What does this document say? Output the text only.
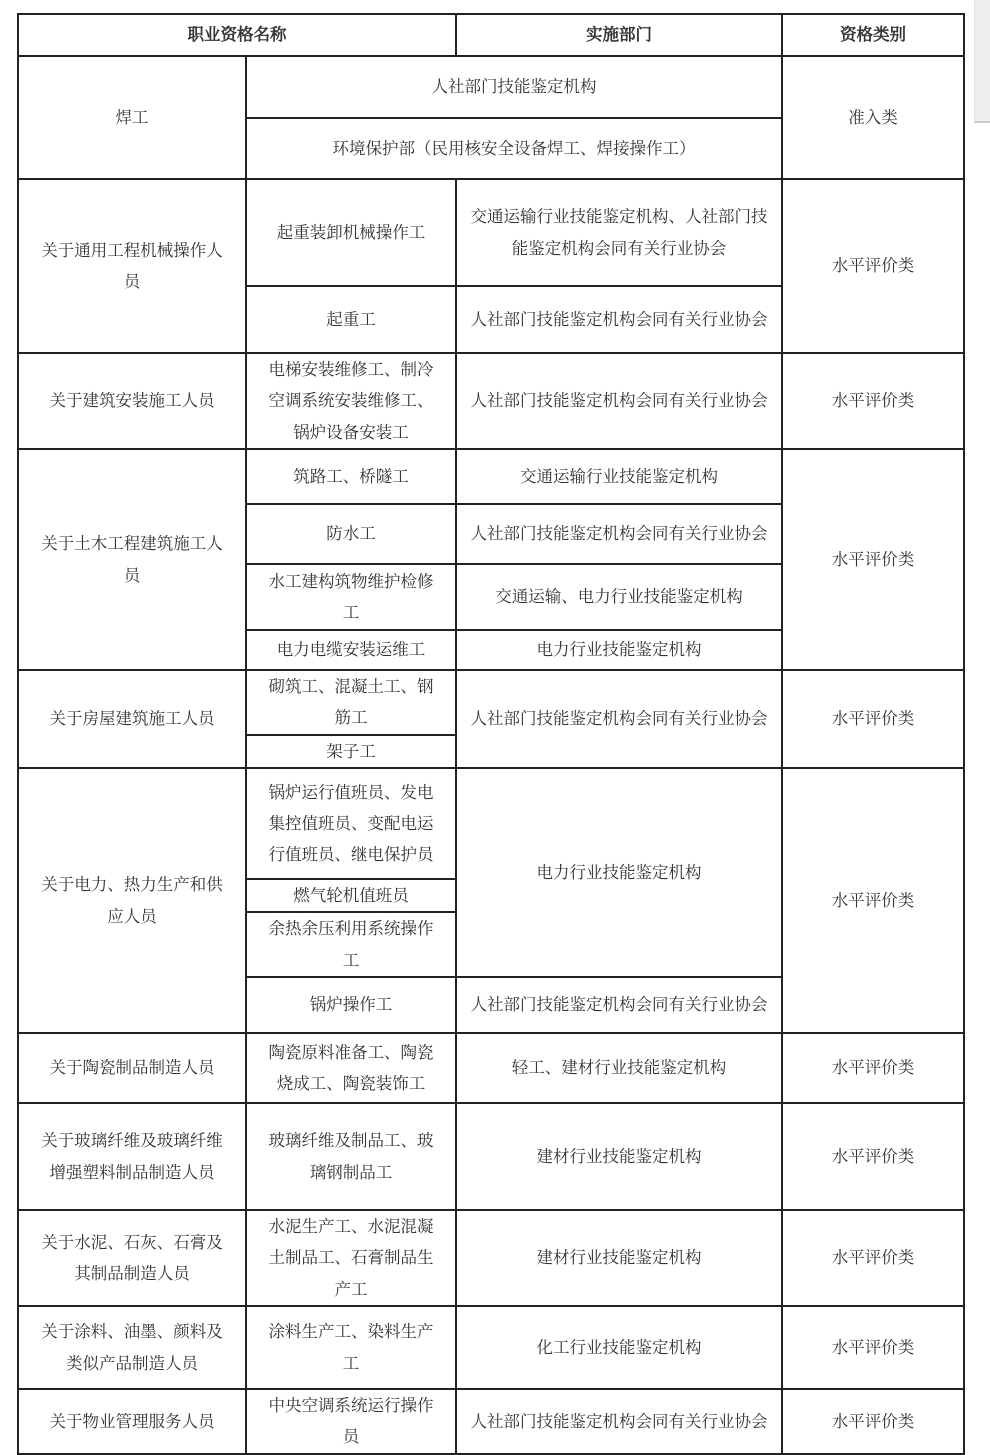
职业资格名称		实施部门	资格类别
焊工	人社部门技能鉴定机构		准入类
	环境保护部（民用核安全设备焊工、焊接操作工）		
关于通用工程机械操作人员	起重装卸机械操作工	交通运输行业技能鉴定机构、人社部门技能鉴定机构会同有关行业协会	水平评价类
	起重工	人社部门技能鉴定机构会同有关行业协会	
关于建筑安装施工人员	电梯安装维修工、制冷空调系统安装维修工、锅炉设备安装工	人社部门技能鉴定机构会同有关行业协会	水平评价类
关于土木工程建筑施工人员	筑路工、桥隧工	交通运输行业技能鉴定机构	水平评价类
	防水工	人社部门技能鉴定机构会同有关行业协会	
	水工建构筑物维护检修工	交通运输、电力行业技能鉴定机构	
	电力电缆安装运维工	电力行业技能鉴定机构	
关于房屋建筑施工人员	砌筑工、混凝土工、钢筋工	人社部门技能鉴定机构会同有关行业协会	水平评价类
	架子工		
关于电力、热力生产和供应人员	锅炉运行值班员、发电集控值班员、变配电运行值班员、继电保护员	电力行业技能鉴定机构	水平评价类
	燃气轮机值班员		
	余热余压利用系统操作工		
	锅炉操作工	人社部门技能鉴定机构会同有关行业协会	
关于陶瓷制品制造人员	陶瓷原料准备工、陶瓷烧成工、陶瓷装饰工	轻工、建材行业技能鉴定机构	水平评价类
关于玻璃纤维及玻璃纤维增强塑料制品制造人员	玻璃纤维及制品工、玻璃钢制品工	建材行业技能鉴定机构	水平评价类
关于水泥、石灰、石膏及其制品制造人员	水泥生产工、水泥混凝土制品工、石膏制品生产工	建材行业技能鉴定机构	水平评价类
关于涂料、油墨、颜料及类似产品制造人员	涂料生产工、染料生产工	化工行业技能鉴定机构	水平评价类
关于物业管理服务人员	中央空调系统运行操作员	人社部门技能鉴定机构会同有关行业协会	水平评价类
